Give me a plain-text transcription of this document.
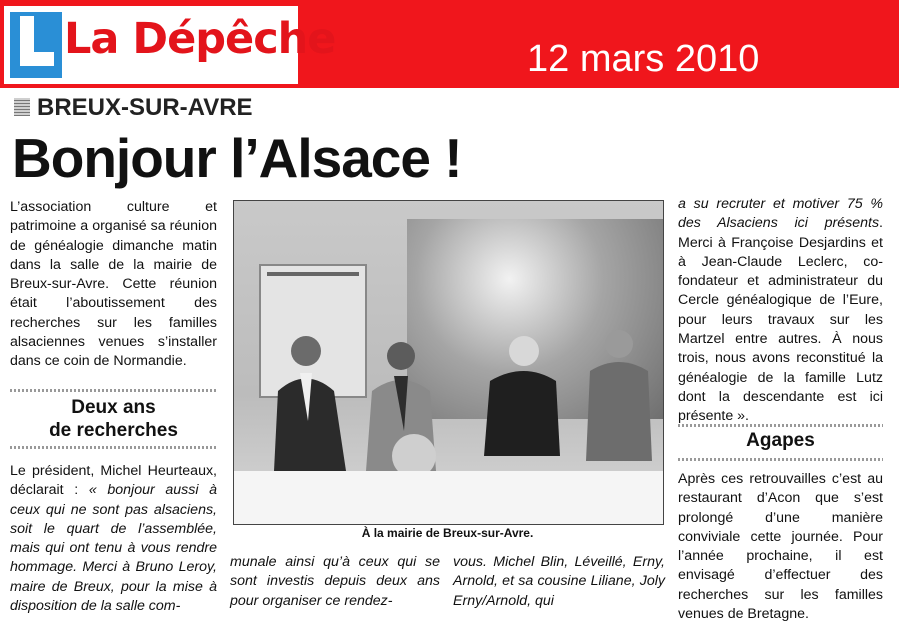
La Dépêche	12 mars 2010
BREUX-SUR-AVRE
Bonjour l’Alsace !

L’association culture et patrimoine a organisé sa réunion de généalogie dimanche matin dans la salle de la mairie de Breux-sur-Avre. Cette réunion était l’aboutissement des recherches sur les familles alsaciennes venues s’installer dans ce coin de Normandie.

Deux ans
de recherches

Le président, Michel Heurteaux, déclarait : « bonjour aussi à ceux qui ne sont pas alsaciens, soit le quart de l’assemblée, mais qui ont tenu à vous rendre hommage. Merci à Bruno Leroy, maire de Breux, pour la mise à disposition de la salle com-

À la mairie de Breux-sur-Avre.

munale ainsi qu’à ceux qui se sont investis depuis deux ans pour organiser ce rendez-

vous. Michel Blin, Léveillé, Erny, Arnold, et sa cousine Liliane, Joly Erny/Arnold, qui

a su recruter et motiver 75 % des Alsaciens ici présents. Merci à Françoise Desjardins et à Jean-Claude Leclerc, co-fondateur et administrateur du Cercle généalogique de l’Eure, pour leurs travaux sur les Martzel entre autres. À nous trois, nous avons reconstitué la généalogie de la famille Lutz dont la descendante est ici présente ».

Agapes

Après ces retrouvailles c’est au restaurant d’Acon que s’est prolongé d’une manière conviviale cette journée. Pour l’année prochaine, il est envisagé d’effectuer des recherches sur les familles venues de Bretagne.
